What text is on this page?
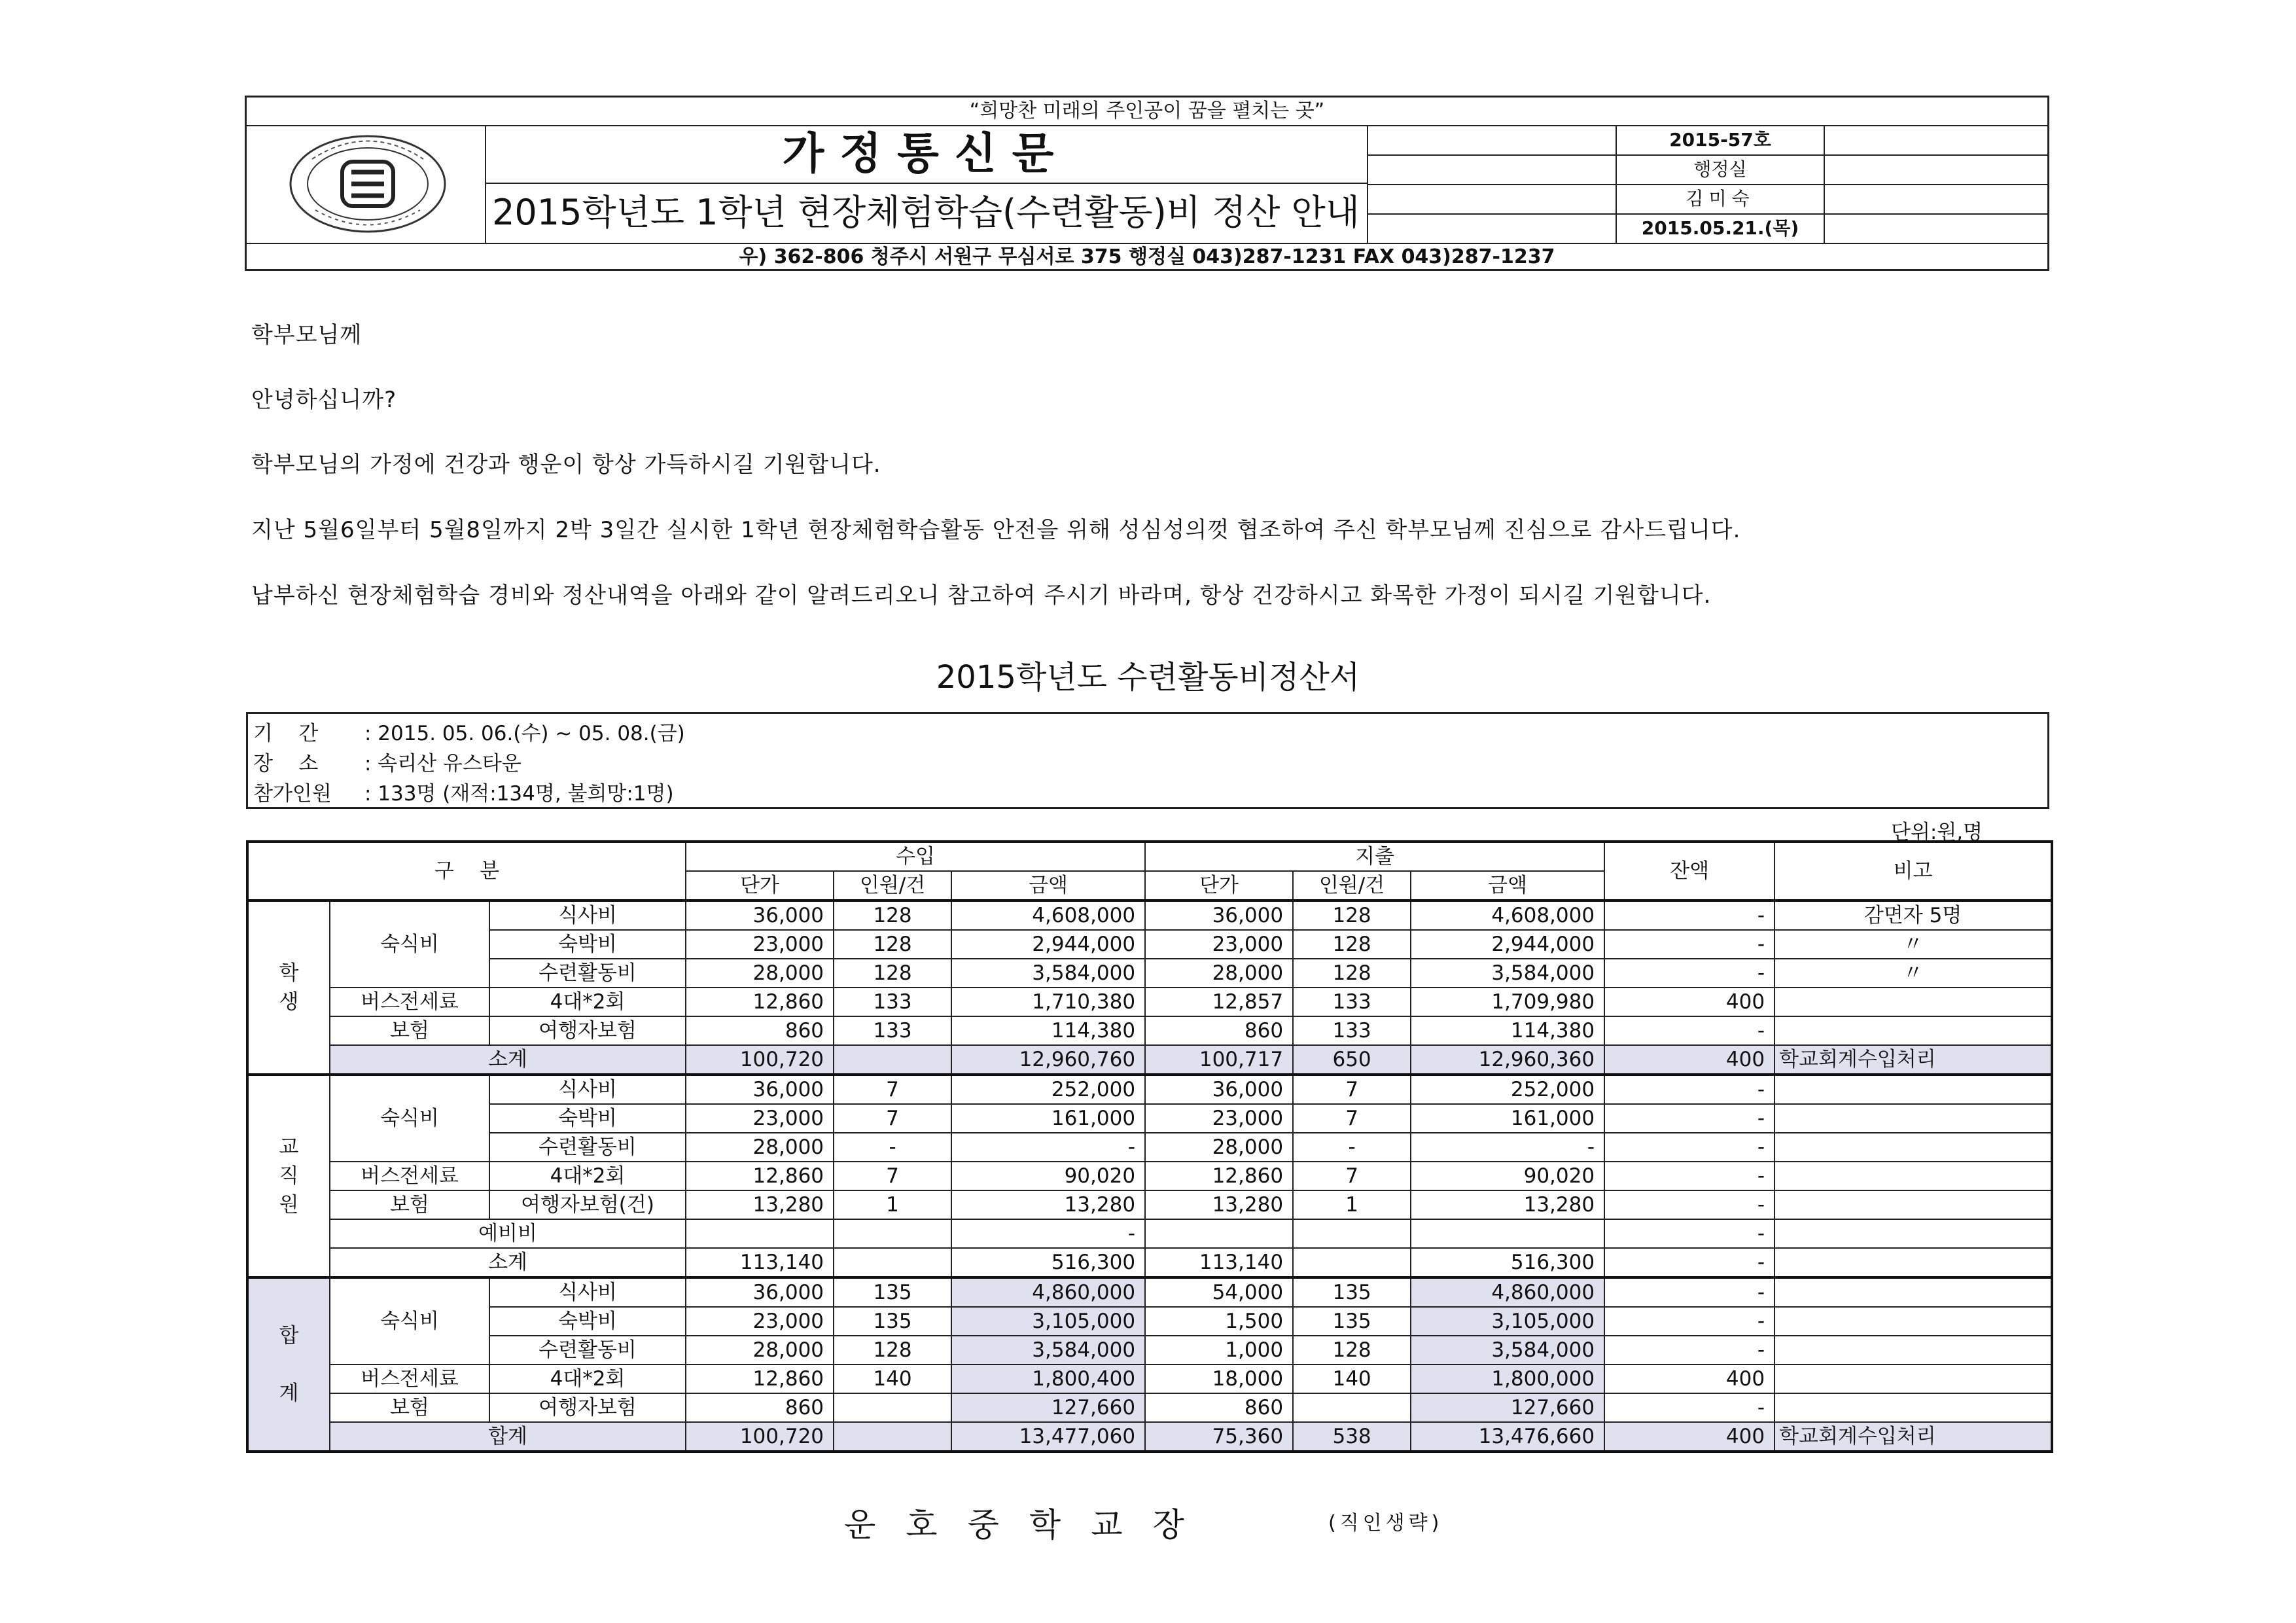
“희망찬 미래의 주인공이 꿈을 펼치는 곳”
가정통신문
2015학년도 1학년 현장체험학습(수련활동)비 정산 안내
2015-57호
행정실
김미숙
2015.05.21.(목)
우) 362-806 청주시 서원구 무심서로 375 행정실 043)287-1231 FAX 043)287-1237
학부모님께
안녕하십니까?
학부모님의 가정에 건강과 행운이 항상 가득하시길 기원합니다.
지난 5월6일부터 5월8일까지 2박 3일간 실시한 1학년 현장체험학습활동 안전을 위해 성심성의껏 협조하여 주신 학부모님께 진심으로 감사드립니다.
납부하신 현장체험학습 경비와 정산내역을 아래와 같이 알려드리오니 참고하여 주시기 바라며, 항상 건강하시고 화목한 가정이 되시길 기원합니다.
2015학년도 수련활동비정산서
기    간 : 2015. 05. 06.(수) ~ 05. 08.(금)
장    소 : 속리산 유스타운
참가인원 : 133명 (재적:134명, 불희망:1명)
단위:원,명
구    분			수입			지출			잔액	비고
			단가	인원/건	금액	단가	인원/건	금액		
학
생	숙식비	식사비	36,000	128	4,608,000	36,000	128	4,608,000	-	감면자 5명
		숙박비	23,000	128	2,944,000	23,000	128	2,944,000	-	〃
		수련활동비	28,000	128	3,584,000	28,000	128	3,584,000	-	〃
	버스전세료	4대*2회	12,860	133	1,710,380	12,857	133	1,709,980	400	
	보험	여행자보험	860	133	114,380	860	133	114,380	-	
	소계		100,720		12,960,760	100,717	650	12,960,360	400	학교회계수입처리
교
직
원	숙식비	식사비	36,000	7	252,000	36,000	7	252,000	-	
		숙박비	23,000	7	161,000	23,000	7	161,000	-	
		수련활동비	28,000	-	-	28,000	-	-	-	
	버스전세료	4대*2회	12,860	7	90,020	12,860	7	90,020	-	
	보험	여행자보험(건)	13,280	1	13,280	13,280	1	13,280	-	
	예비비				-				-	
	소계		113,140		516,300	113,140		516,300	-	
합

계	숙식비	식사비	36,000	135	4,860,000	54,000	135	4,860,000	-	
		숙박비	23,000	135	3,105,000	1,500	135	3,105,000	-	
		수련활동비	28,000	128	3,584,000	1,000	128	3,584,000	-	
	버스전세료	4대*2회	12,860	140	1,800,400	18,000	140	1,800,000	400	
	보험	여행자보험	860		127,660	860		127,660	-	
	합계		100,720		13,477,060	75,360	538	13,476,660	400	학교회계수입처리
운호중학교장	(직인생략)
